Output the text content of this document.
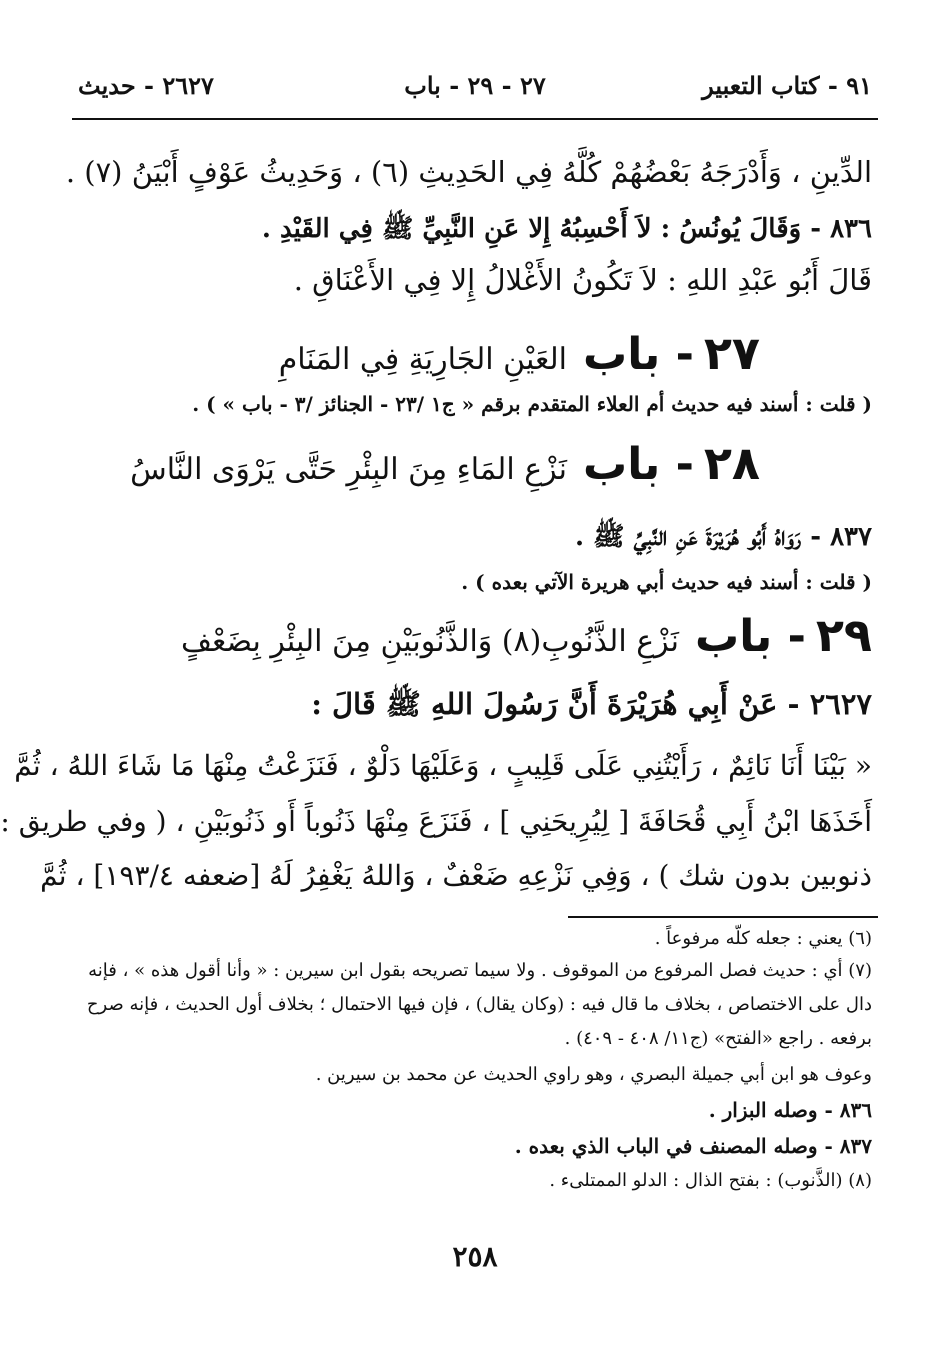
٩١ - كتاب التعبير
٢٧ - ٢٩ - باب
٢٦٢٧ - حديث
الدِّينِ ، وَأَدْرَجَهُ بَعْضُهُمْ كُلَّهُ فِي الحَدِيثِ (٦) ، وَحَدِيثُ عَوْفٍ أَبْيَنُ (٧) .
٨٣٦ - وَقَالَ يُونُسُ : لاَ أَحْسِبُهُ إِلا عَنِ النَّبِيِّ ﷺ فِي القَيْدِ .
قَالَ أَبُو عَبْدِ اللهِ : لاَ تَكُونُ الأَغْلالُ إِلا فِي الأَعْنَاقِ .
٢٧
- باب
العَيْنِ الجَارِيَةِ فِي المَنَامِ
( قلت : أسند فيه حديث أم العلاء المتقدم برقم « ج١ /٢٣ - الجنائز /٣ - باب » ) .
٢٨
- باب
نَزْعِ المَاءِ مِنَ البِئْرِ حَتَّى يَرْوَى النَّاسُ
٨٣٧ - رَوَاهُ أَبُو هُرَيْرَةَ عَنِ النَّبِيِّ ﷺ .
( قلت : أسند فيه حديث أبي هريرة الآتي بعده ) .
٢٩
- باب
نَزْعِ الذَّنُوبِ(٨) وَالذَّنُوبَيْنِ مِنَ البِئْرِ بِضَعْفٍ
٢٦٢٧ - عَنْ أَبِي هُرَيْرَةَ أَنَّ رَسُولَ اللهِ ﷺ قَالَ :
« بَيْنَا أَنَا نَائِمٌ ، رَأَيْتُنِي عَلَى قَلِيبٍ ، وَعَلَيْهَا دَلْوٌ ، فَنَزَعْتُ مِنْهَا مَا شَاءَ اللهُ ، ثُمَّ
أَخَذَهَا ابْنُ أَبِي قُحَافَةَ [ لِيُرِيحَنِي ] ، فَنَزَعَ مِنْهَا ذَنُوباً أَو ذَنُوبَيْنِ ، ( وفي طريق :
ذنوبين بدون شك ) ، وَفِي نَزْعِهِ ضَعْفٌ ، وَاللهُ يَغْفِرُ لَهُ [ضعفه ١٩٣/٤] ، ثُمَّ
(٦) يعني : جعله كلّه مرفوعاً .
(٧) أي : حديث فصل المرفوع من الموقوف . ولا سيما تصريحه بقول ابن سيرين : « وأنا أقول هذه » ، فإنه
دال على الاختصاص ، بخلاف ما قال فيه : (وكان يقال) ، فإن فيها الاحتمال ؛ بخلاف أول الحديث ، فإنه صرح
برفعه . راجع «الفتح» (ج١١/ ٤٠٨ - ٤٠٩) .
وعوف هو ابن أبي جميلة البصري ، وهو راوي الحديث عن محمد بن سيرين .
٨٣٦ - وصله البزار .
٨٣٧ - وصله المصنف في الباب الذي بعده .
(٨) (الذَّنوب) : بفتح الذال : الدلو الممتلىء .
٢٥٨
